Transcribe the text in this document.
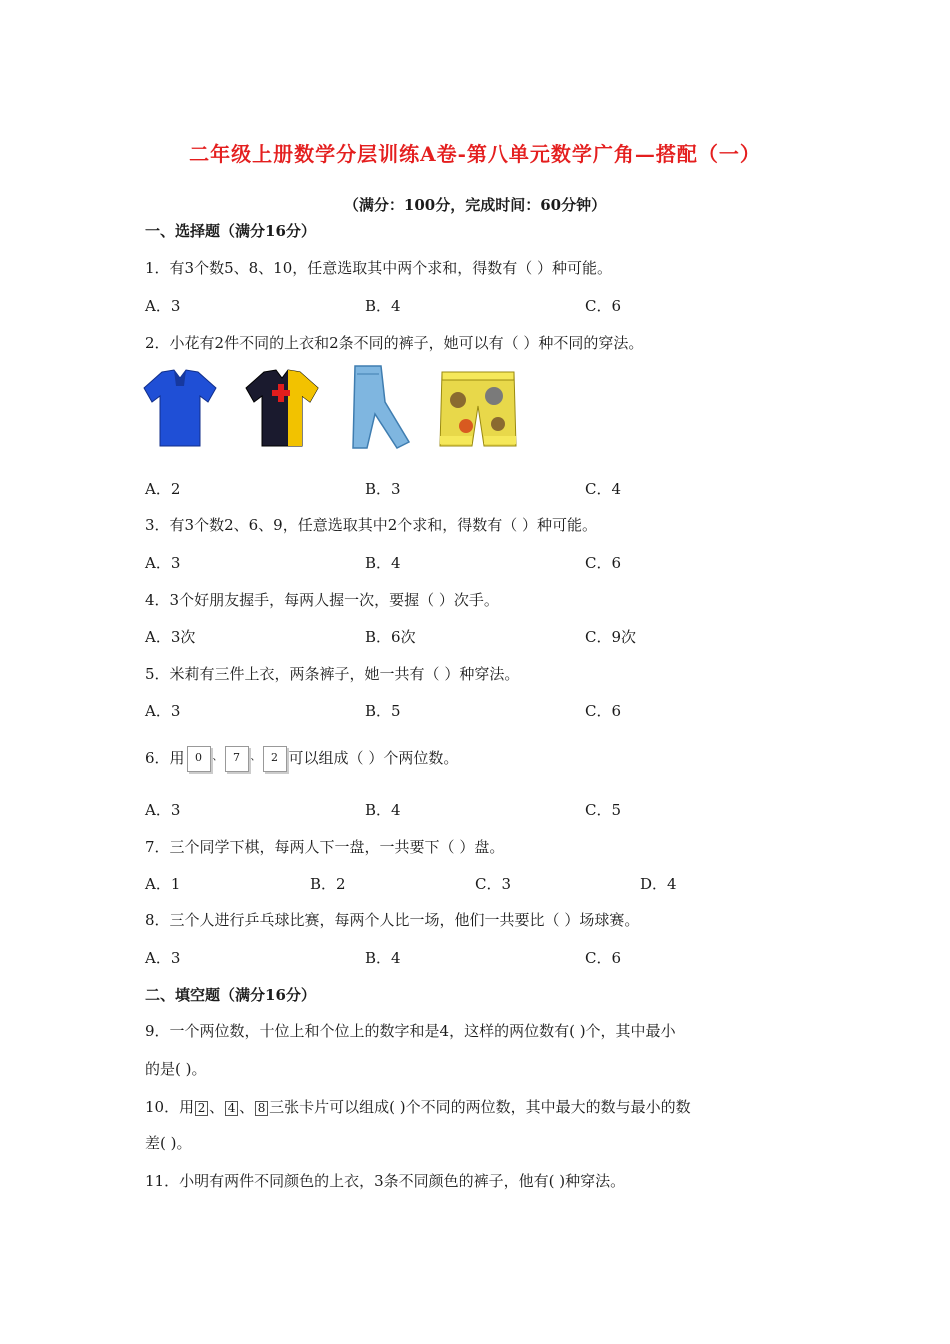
二年级上册数学分层训练A卷-第八单元数学广角—搭配（一）
（满分：100分，完成时间：60分钟）
一、选择题（满分16分）
1．有3个数5、8、10，任意选取其中两个求和，得数有（ ）种可能。
A．3	B．4	C．6
2．小花有2件不同的上衣和2条不同的裤子，她可以有（ ）种不同的穿法。
A．2	B．3	C．4
3．有3个数2、6、9，任意选取其中2个求和，得数有（ ）种可能。
A．3	B．4	C．6
4．3个好朋友握手，每两人握一次，要握（ ）次手。
A．3次	B．6次	C．9次
5．米莉有三件上衣，两条裤子，她一共有（ ）种穿法。
A．3	B．5	C．6
6．用 0 、 7 、 2 可以组成（ ）个两位数。
A．3	B．4	C．5
7．三个同学下棋，每两人下一盘，一共要下（ ）盘。
A．1	B．2	C．3	D．4
8．三个人进行乒乓球比赛，每两个人比一场，他们一共要比（ ）场球赛。
A．3	B．4	C．6
二、填空题（满分16分）
9．一个两位数，十位上和个位上的数字和是4，这样的两位数有( )个，其中最小
的是( )。
10．用 2 、 4 、 8 三张卡片可以组成( )个不同的两位数，其中最大的数与最小的数
差( )。
11．小明有两件不同颜色的上衣，3条不同颜色的裤子，他有( )种穿法。
